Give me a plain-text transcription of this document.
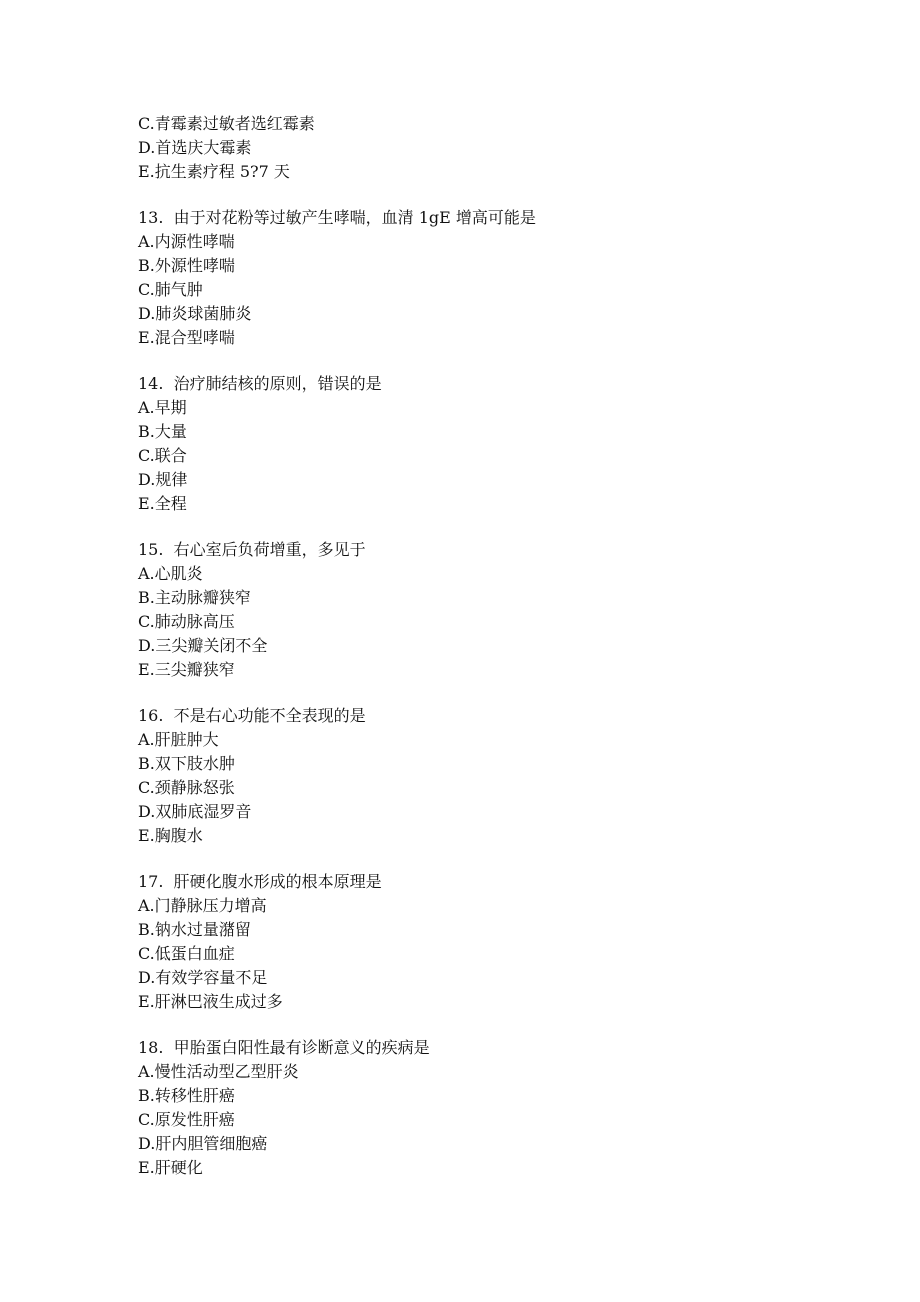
C.青霉素过敏者选红霉素
D.首选庆大霉素
E.抗生素疗程 5?7 天
13.  由于对花粉等过敏产生哮喘，血清 1gE 增高可能是
A.内源性哮喘
B.外源性哮喘
C.肺气肿
D.肺炎球菌肺炎
E.混合型哮喘
14.  治疗肺结核的原则，错误的是
A.早期
B.大量
C.联合
D.规律
E.全程
15.  右心室后负荷增重，多见于
A.心肌炎
B.主动脉瓣狭窄
C.肺动脉高压
D.三尖瓣关闭不全
E.三尖瓣狭窄
16.  不是右心功能不全表现的是
A.肝脏肿大
B.双下肢水肿
C.颈静脉怒张
D.双肺底湿罗音
E.胸腹水
17.  肝硬化腹水形成的根本原理是
A.门静脉压力增高
B.钠水过量潴留
C.低蛋白血症
D.有效学容量不足
E.肝淋巴液生成过多
18.  甲胎蛋白阳性最有诊断意义的疾病是
A.慢性活动型乙型肝炎
B.转移性肝癌
C.原发性肝癌
D.肝内胆管细胞癌
E.肝硬化
